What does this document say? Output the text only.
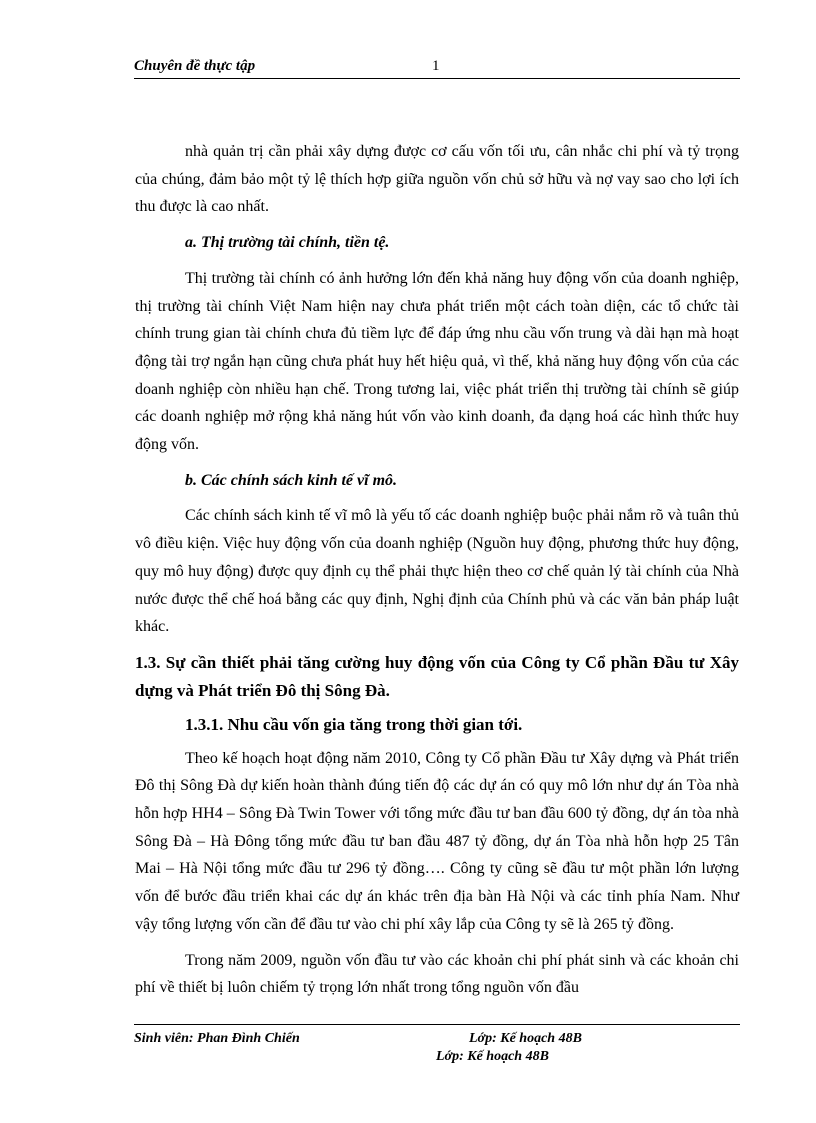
Chuyên đề thực tập	1

nhà quản trị cần phải xây dựng được cơ cấu vốn tối ưu, cân nhắc chi phí và tỷ trọng của chúng, đảm bảo một tỷ lệ thích hợp giữa nguồn vốn chủ sở hữu và nợ vay sao cho lợi ích thu được là cao nhất.

a. Thị trường tài chính, tiền tệ.

Thị trường tài chính có ảnh hưởng lớn đến khả năng huy động vốn của doanh nghiệp, thị trường tài chính Việt Nam hiện nay chưa phát triển một cách toàn diện, các tổ chức tài chính trung gian tài chính chưa đủ tiềm lực để đáp ứng nhu cầu vốn trung và dài hạn mà hoạt động tài trợ ngắn hạn cũng chưa phát huy hết hiệu quả, vì thế, khả năng huy động vốn của các doanh nghiệp còn nhiều hạn chế. Trong tương lai, việc phát triển thị trường tài chính sẽ giúp các doanh nghiệp mở rộng khả năng hút vốn vào kinh doanh, đa dạng hoá các hình thức huy động vốn.

b. Các chính sách kinh tế vĩ mô.

Các chính sách kinh tế vĩ mô là yếu tố các doanh nghiệp buộc phải nắm rõ và tuân thủ vô điều kiện. Việc huy động vốn của doanh nghiệp (Nguồn huy động, phương thức huy động, quy mô huy động) được quy định cụ thể phải thực hiện theo cơ chế quản lý tài chính của Nhà nước được thể chế hoá bằng các quy định, Nghị định của Chính phủ và các văn bản pháp luật khác.

1.3. Sự cần thiết phải tăng cường huy động vốn của Công ty Cổ phần Đầu tư Xây dựng và Phát triển Đô thị Sông Đà.

1.3.1. Nhu cầu vốn gia tăng trong thời gian tới.

Theo kế hoạch hoạt động năm 2010, Công ty Cổ phần Đầu tư Xây dựng và Phát triển Đô thị Sông Đà dự kiến hoàn thành đúng tiến độ các dự án có quy mô lớn như dự án Tòa nhà hỗn hợp HH4 – Sông Đà Twin Tower với tổng mức đầu tư ban đầu 600 tỷ đồng, dự án tòa nhà Sông Đà – Hà Đông tổng mức đầu tư ban đầu 487 tỷ đồng, dự án Tòa nhà hỗn hợp 25 Tân Mai – Hà Nội tổng mức đầu tư 296 tỷ đồng…. Công ty cũng sẽ đầu tư một phần lớn lượng vốn để bước đầu triển khai các dự án khác trên địa bàn Hà Nội và các tỉnh phía Nam. Như vậy tổng lượng vốn cần để đầu tư vào chi phí xây lắp của Công ty sẽ là 265 tỷ đồng.

Trong năm 2009, nguồn vốn đầu tư vào các khoản chi phí phát sinh và các khoản chi phí về thiết bị luôn chiếm tỷ trọng lớn nhất trong tổng nguồn vốn đầu

Sinh viên: Phan Đình Chiến	Lớp: Kế hoạch 48B
Lớp: Kế hoạch 48B
